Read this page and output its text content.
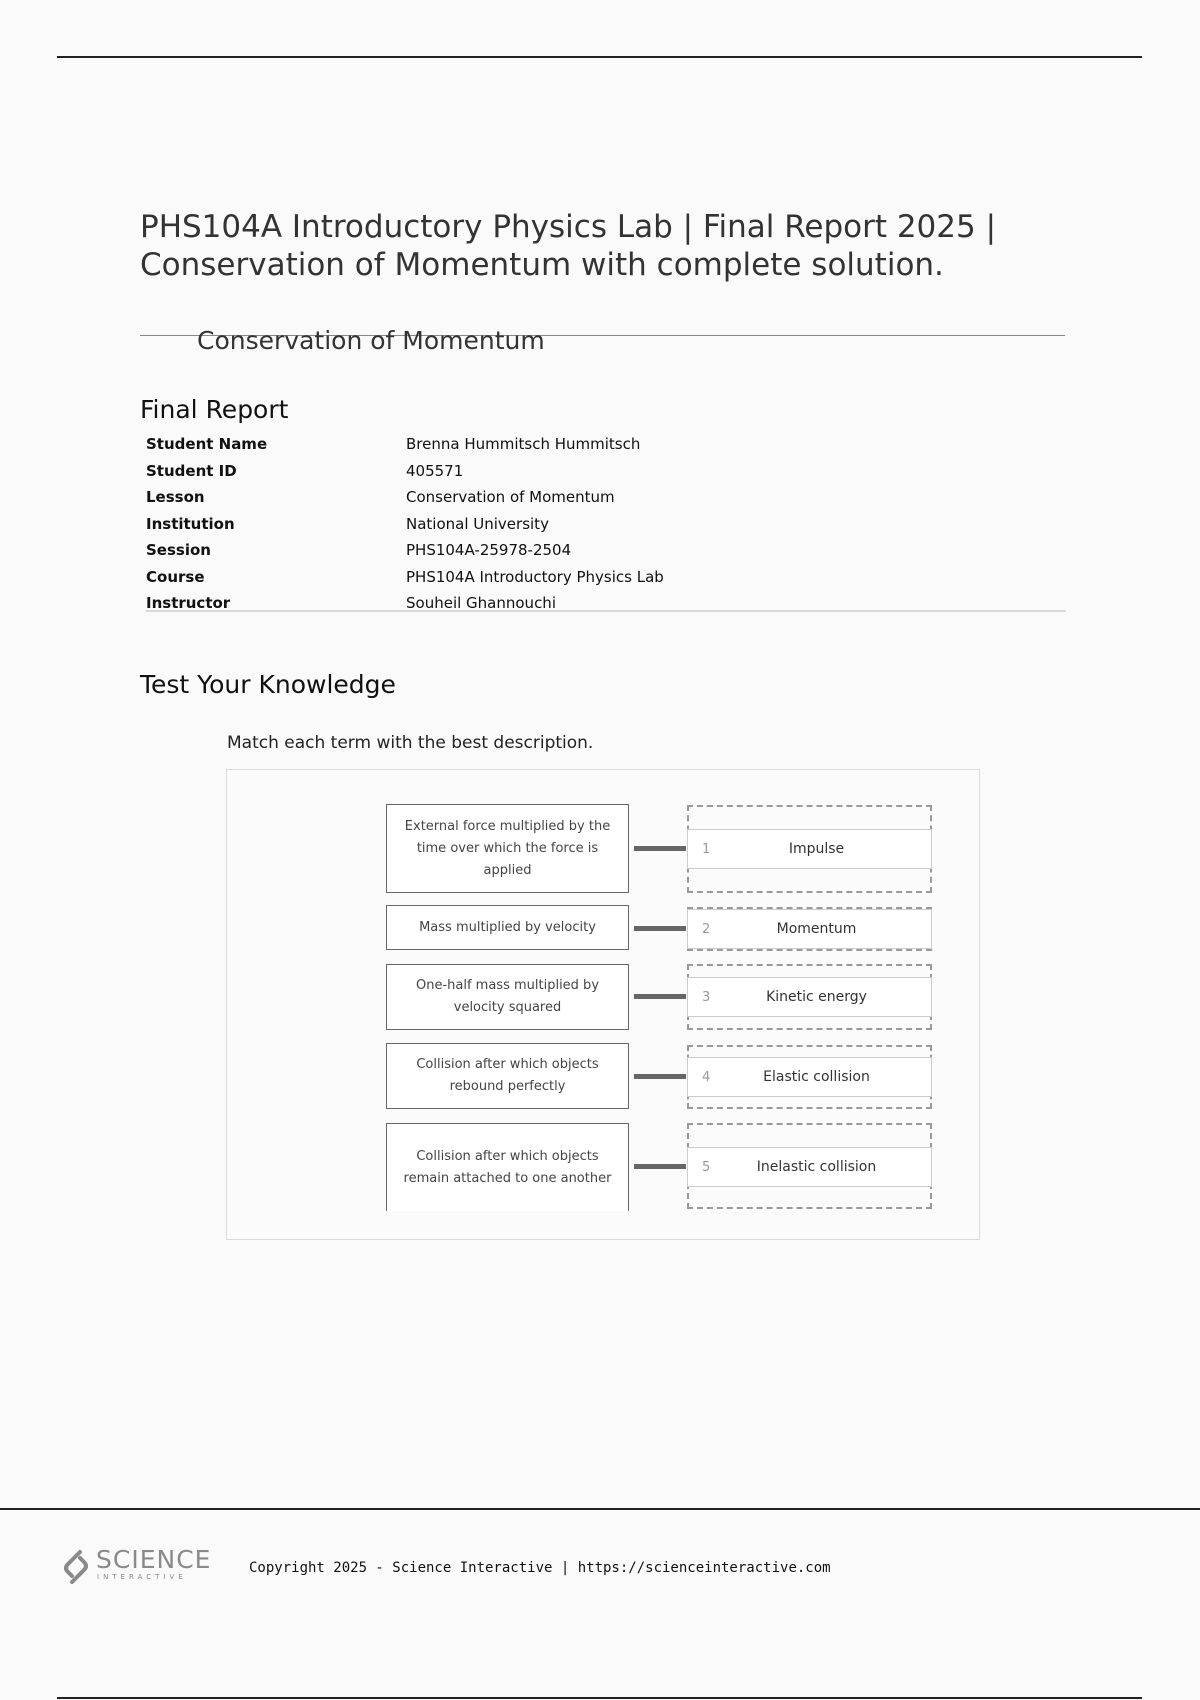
PHS104A Introductory Physics Lab | Final Report 2025 | Conservation of Momentum with complete solution.
Conservation of Momentum
Final Report
Student Name	Brenna Hummitsch Hummitsch
Student ID	405571
Lesson	Conservation of Momentum
Institution	National University
Session	PHS104A-25978-2504
Course	PHS104A Introductory Physics Lab
Instructor	Souheil Ghannouchi
Test Your Knowledge
Match each term with the best description.
External force multiplied by the time over which the force is applied
1	Impulse
Mass multiplied by velocity	2	Momentum
One-half mass multiplied by velocity squared
3	Kinetic energy
Collision after which objects rebound perfectly
4	Elastic collision
Collision after which objects remain attached to one another
5	Inelastic collision
SCIENCE
INTERACTIVE
Copyright 2025 - Science Interactive | https://scienceinteractive.com
